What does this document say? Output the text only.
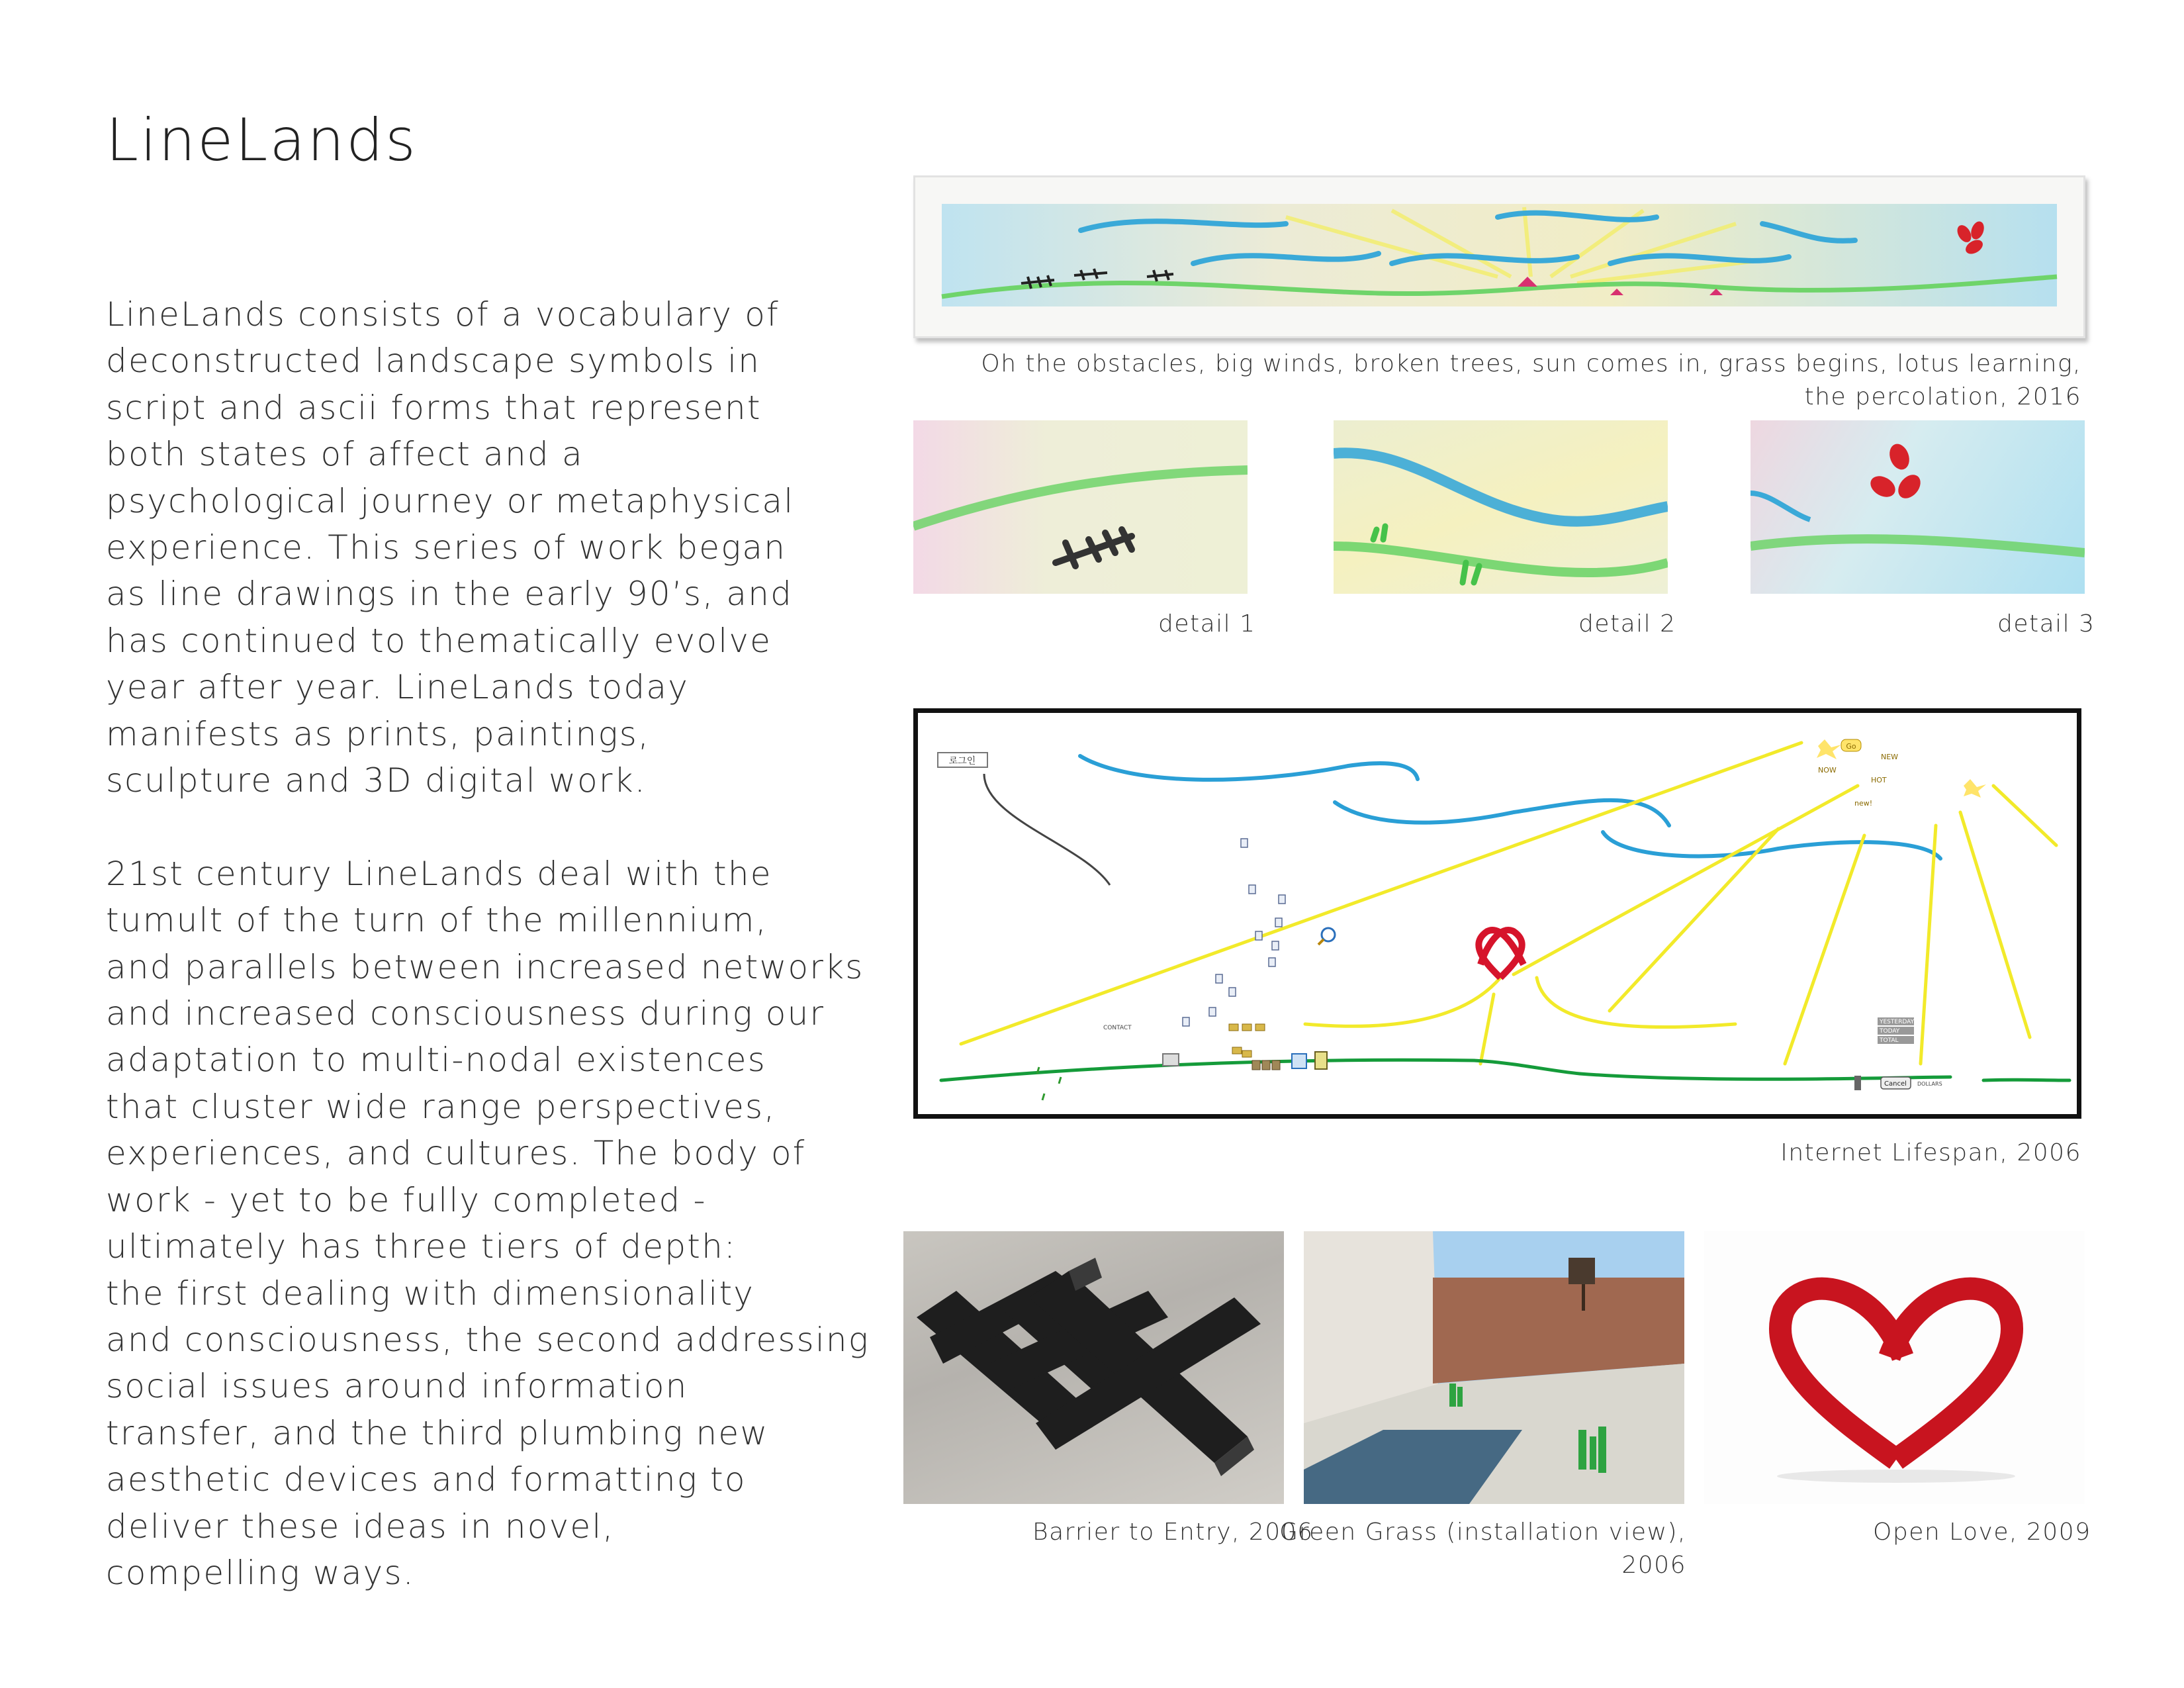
LineLands
LineLands consists of a vocabulary of
deconstructed landscape symbols in
script and ascii forms that represent
both states of affect and a
psychological journey or metaphysical
experience. This series of work began
as line drawings in the early 90’s, and
has continued to thematically evolve
year after year. LineLands today
manifests as prints, paintings,
sculpture and 3D digital work.
21st century LineLands deal with the
tumult of the turn of the millennium,
and parallels between increased networks
and increased consciousness during our
adaptation to multi-nodal existences
that cluster wide range perspectives,
experiences, and cultures. The body of
work - yet to be fully completed -
ultimately has three tiers of depth:
the first dealing with dimensionality
and consciousness, the second addressing
social issues around information
transfer, and the third plumbing new
aesthetic devices and formatting to
deliver these ideas in novel,
compelling ways.
Oh the obstacles, big winds, broken trees, sun comes in, grass begins, lotus learning,
the percolation, 2016
detail 1	detail 2	detail 3
로그인
Go
NOW
NEW
HOT
new!
CONTACT
YESTERDAY
TODAY
TOTAL
Cancel DOLLARS
Internet Lifespan, 2006
Barrier to Entry, 2006
Green Grass (installation view),
2006
Open Love, 2009
